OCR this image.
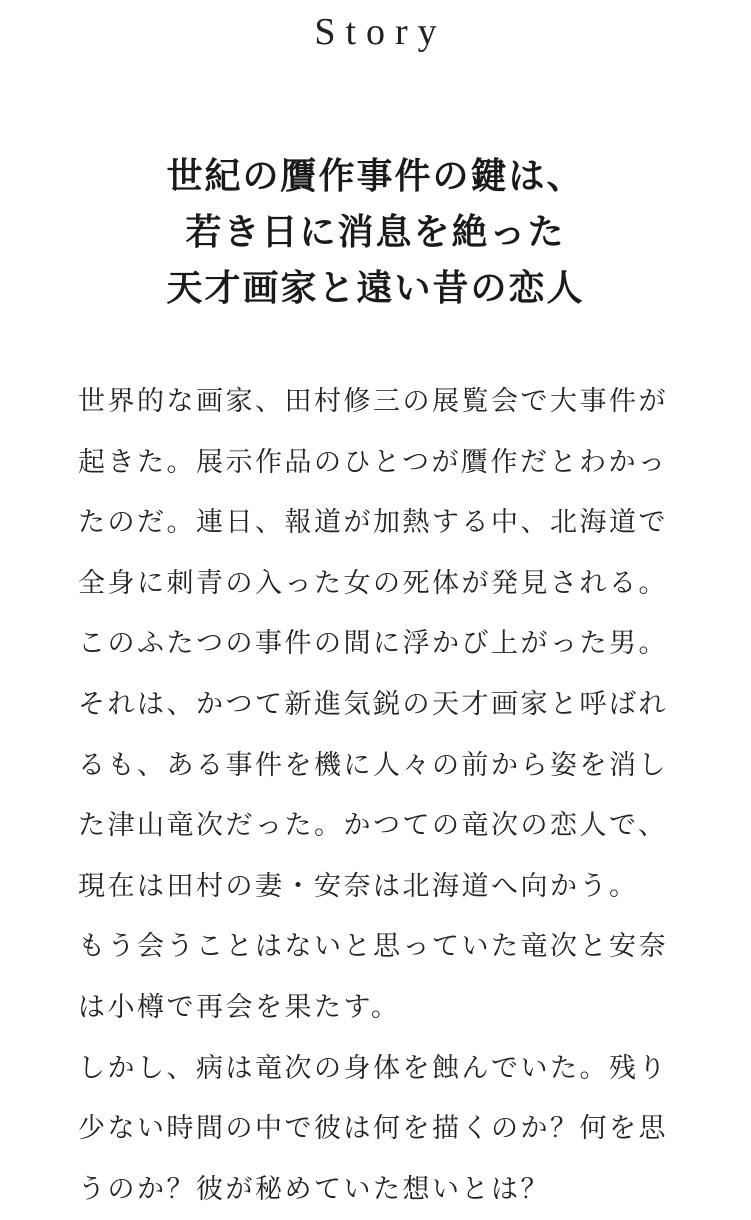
Story
世紀の贋作事件の鍵は、
若き日に消息を絶った
天才画家と遠い昔の恋人
世界的な画家、田村修三の展覧会で大事件が
起きた。展示作品のひとつが贋作だとわかっ
たのだ。連日、報道が加熱する中、北海道で
全身に刺青の入った女の死体が発見される。
このふたつの事件の間に浮かび上がった男。
それは、かつて新進気鋭の天才画家と呼ばれ
るも、ある事件を機に人々の前から姿を消し
た津山竜次だった。かつての竜次の恋人で、
現在は田村の妻・安奈は北海道へ向かう。
もう会うことはないと思っていた竜次と安奈
は小樽で再会を果たす。
しかし、病は竜次の身体を蝕んでいた。残り
少ない時間の中で彼は何を描くのか？何を思
うのか？彼が秘めていた想いとは？
